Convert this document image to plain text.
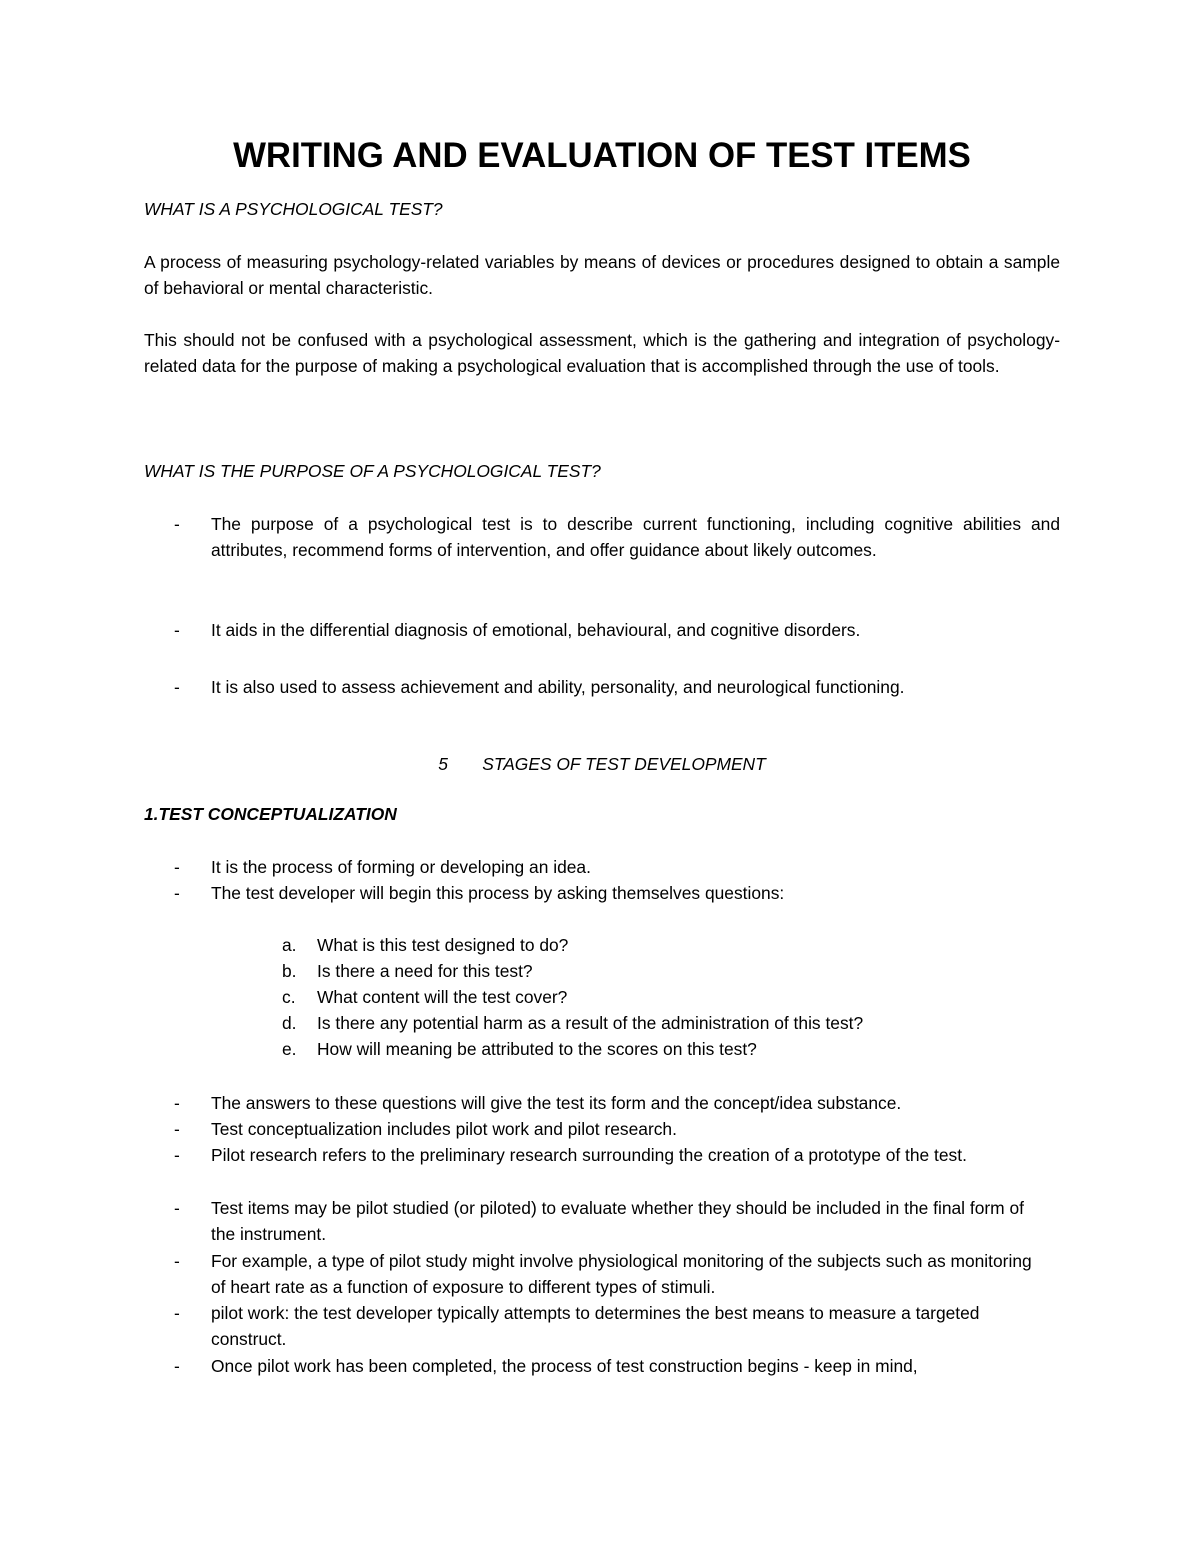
WRITING AND EVALUATION OF TEST ITEMS

WHAT IS A PSYCHOLOGICAL TEST?

A process of measuring psychology-related variables by means of devices or procedures designed to obtain a sample of behavioral or mental characteristic.

This should not be confused with a psychological assessment, which is the gathering and integration of psychology- related data for the purpose of making a psychological evaluation that is accomplished through the use of tools.

WHAT IS THE PURPOSE OF A PSYCHOLOGICAL TEST?

- The purpose of a psychological test is to describe current functioning, including cognitive abilities and attributes, recommend forms of intervention, and offer guidance about likely outcomes.
- It aids in the differential diagnosis of emotional, behavioural, and cognitive disorders.
- It is also used to assess achievement and ability, personality, and neurological functioning.

5 STAGES OF TEST DEVELOPMENT

1.TEST CONCEPTUALIZATION

- It is the process of forming or developing an idea.
- The test developer will begin this process by asking themselves questions:
a. What is this test designed to do?
b. Is there a need for this test?
c. What content will the test cover?
d. Is there any potential harm as a result of the administration of this test?
e. How will meaning be attributed to the scores on this test?
- The answers to these questions will give the test its form and the concept/idea substance.
- Test conceptualization includes pilot work and pilot research.
- Pilot research refers to the preliminary research surrounding the creation of a prototype of the test.
- Test items may be pilot studied (or piloted) to evaluate whether they should be included in the final form of the instrument.
- For example, a type of pilot study might involve physiological monitoring of the subjects such as monitoring of heart rate as a function of exposure to different types of stimuli.
- pilot work: the test developer typically attempts to determines the best means to measure a targeted construct.
- Once pilot work has been completed, the process of test construction begins - keep in mind,
